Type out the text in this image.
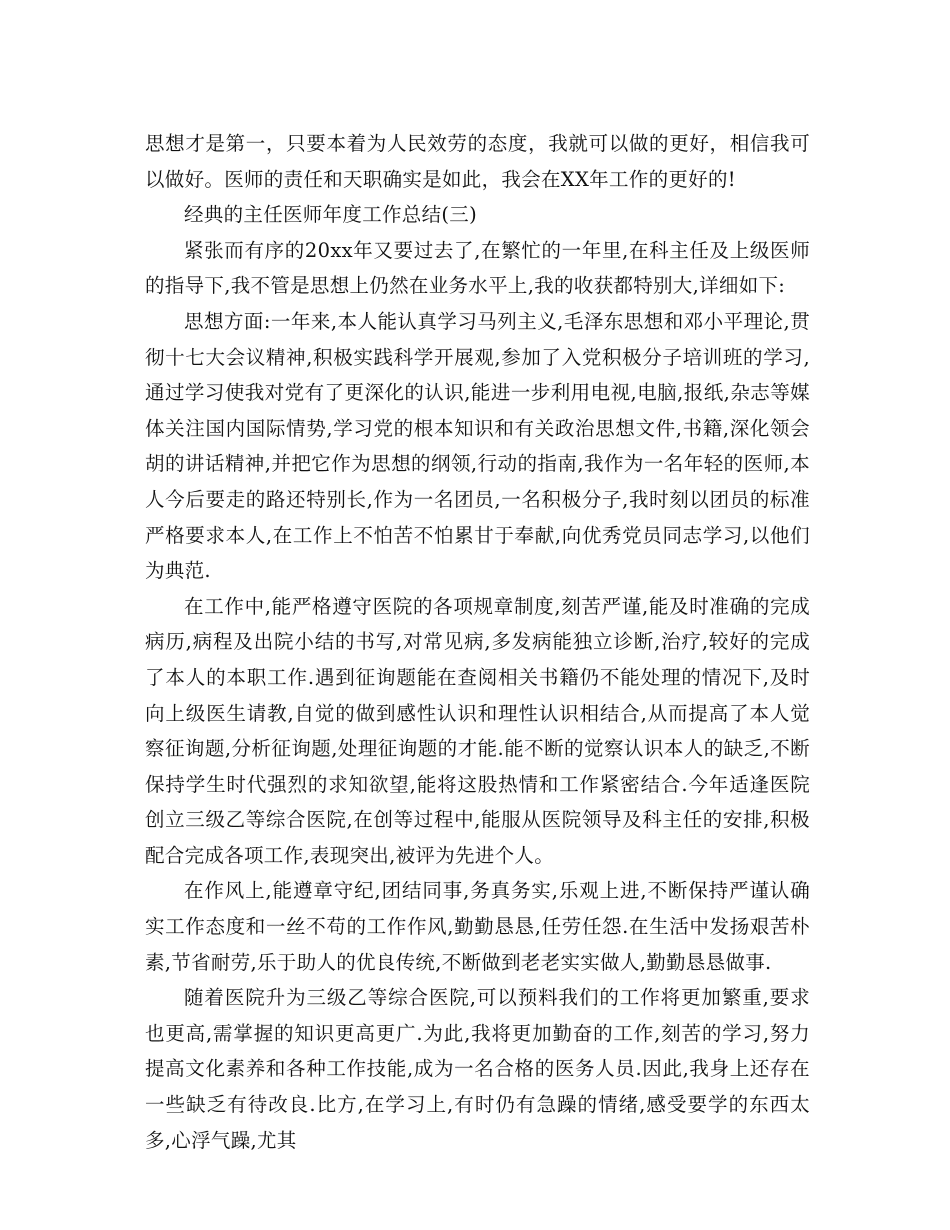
思想才是第一，只要本着为人民效劳的态度，我就可以做的更好，相信我可以做好。医师的责任和天职确实是如此，我会在XX年工作的更好的!

经典的主任医师年度工作总结(三)

紧张而有序的20xx年又要过去了,在繁忙的一年里,在科主任及上级医师的指导下,我不管是思想上仍然在业务水平上,我的收获都特别大,详细如下:

思想方面:一年来,本人能认真学习马列主义,毛泽东思想和邓小平理论,贯彻十七大会议精神,积极实践科学开展观,参加了入党积极分子培训班的学习,通过学习使我对党有了更深化的认识,能进一步利用电视,电脑,报纸,杂志等媒体关注国内国际情势,学习党的根本知识和有关政治思想文件,书籍,深化领会胡的讲话精神,并把它作为思想的纲领,行动的指南,我作为一名年轻的医师,本人今后要走的路还特别长,作为一名团员,一名积极分子,我时刻以团员的标准严格要求本人,在工作上不怕苦不怕累甘于奉献,向优秀党员同志学习,以他们为典范.

在工作中,能严格遵守医院的各项规章制度,刻苦严谨,能及时准确的完成病历,病程及出院小结的书写,对常见病,多发病能独立诊断,治疗,较好的完成了本人的本职工作.遇到征询题能在查阅相关书籍仍不能处理的情况下,及时向上级医生请教,自觉的做到感性认识和理性认识相结合,从而提高了本人觉察征询题,分析征询题,处理征询题的才能.能不断的觉察认识本人的缺乏,不断保持学生时代强烈的求知欲望,能将这股热情和工作紧密结合.今年适逢医院创立三级乙等综合医院,在创等过程中,能服从医院领导及科主任的安排,积极配合完成各项工作,表现突出,被评为先进个人。

在作风上,能遵章守纪,团结同事,务真务实,乐观上进,不断保持严谨认确实工作态度和一丝不苟的工作作风,勤勤恳恳,任劳任怨.在生活中发扬艰苦朴素,节省耐劳,乐于助人的优良传统,不断做到老老实实做人,勤勤恳恳做事.

随着医院升为三级乙等综合医院,可以预料我们的工作将更加繁重,要求也更高,需掌握的知识更高更广.为此,我将更加勤奋的工作,刻苦的学习,努力提高文化素养和各种工作技能,成为一名合格的医务人员.因此,我身上还存在一些缺乏有待改良.比方,在学习上,有时仍有急躁的情绪,感受要学的东西太多,心浮气躁,尤其
